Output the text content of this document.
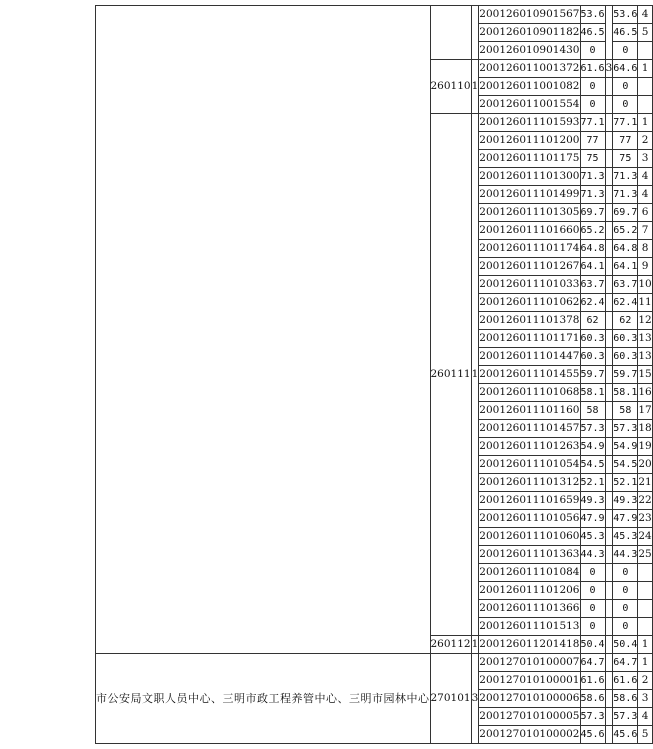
			200126010901567	53.6		53.6	4
			200126010901182	46.5		46.5	5
			200126010901430	0		0	
	260110	1	200126011001372	61.6	3	64.6	1
			200126011001082	0		0	
			200126011001554	0		0	
	260111	1	200126011101593	77.1		77.1	1
			200126011101200	77		77	2
			200126011101175	75		75	3
			200126011101300	71.3		71.3	4
			200126011101499	71.3		71.3	4
			200126011101305	69.7		69.7	6
			200126011101660	65.2		65.2	7
			200126011101174	64.8		64.8	8
			200126011101267	64.1		64.1	9
			200126011101033	63.7		63.7	10
			200126011101062	62.4		62.4	11
			200126011101378	62		62	12
			200126011101171	60.3		60.3	13
			200126011101447	60.3		60.3	13
			200126011101455	59.7		59.7	15
			200126011101068	58.1		58.1	16
			200126011101160	58		58	17
			200126011101457	57.3		57.3	18
			200126011101263	54.9		54.9	19
			200126011101054	54.5		54.5	20
			200126011101312	52.1		52.1	21
			200126011101659	49.3		49.3	22
			200126011101056	47.9		47.9	23
			200126011101060	45.3		45.3	24
			200126011101363	44.3		44.3	25
			200126011101084	0		0	
			200126011101206	0		0	
			200126011101366	0		0	
			200126011101513	0		0	
	260112	1	200126011201418	50.4		50.4	1
市公安局文职人员中心、三明市政工程养管中心、三明市园林中心	270101	3	200127010100007	64.7		64.7	1
			200127010100001	61.6		61.6	2
			200127010100006	58.6		58.6	3
			200127010100005	57.3		57.3	4
			200127010100002	45.6		45.6	5
